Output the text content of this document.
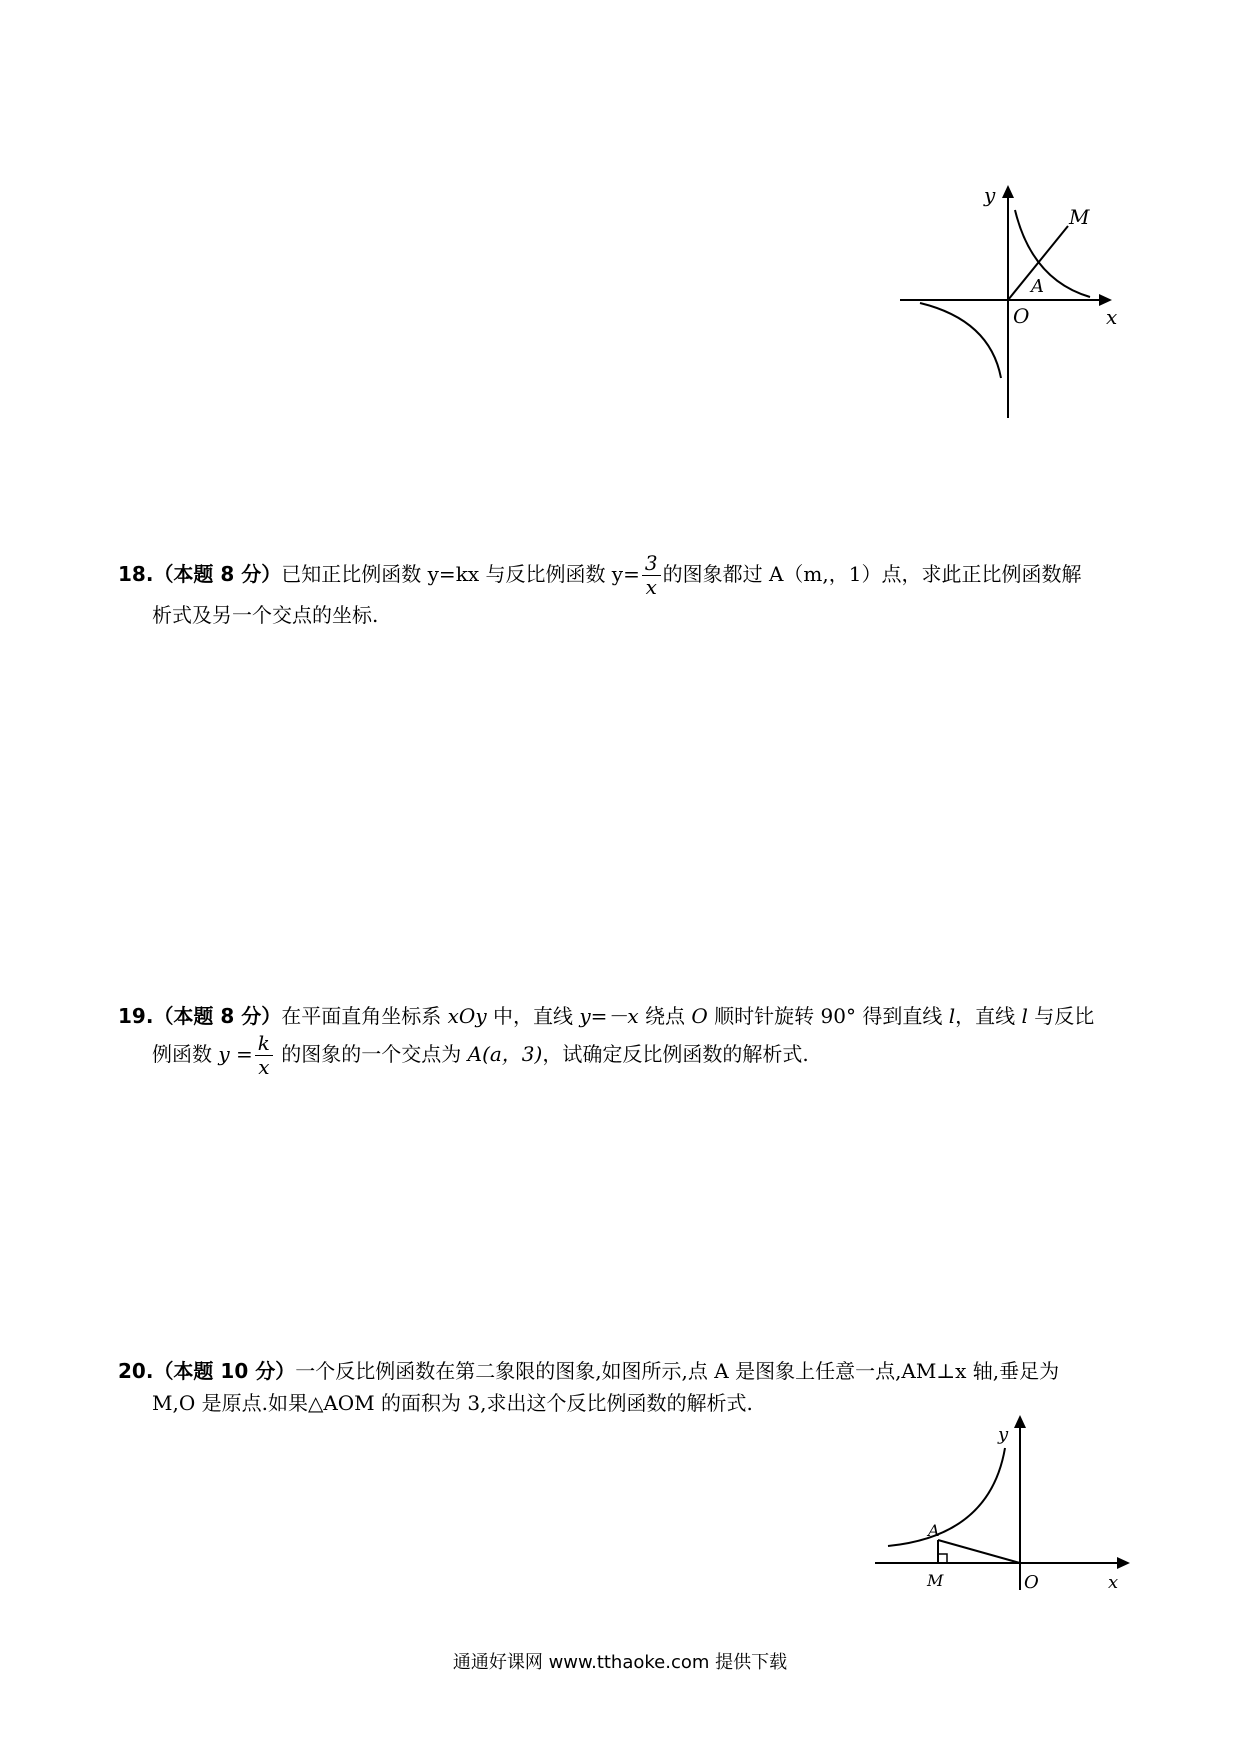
y
x
O
M
A
18.（本题 8 分）已知正比例函数 y=kx 与反比例函数 $y= \frac{3}{x}$ 的图象都过 A（m,，1）点，求此正比例函数解
析式及另一个交点的坐标.
19.（本题 8 分）在平面直角坐标系 xOy 中，直线 y=－x 绕点 O 顺时针旋转 90° 得到直线 l，直线 l 与反比
例函数 $y = \frac{k}{x}$ 的图象的一个交点为 A(a，3)，试确定反比例函数的解析式.
20.（本题 10 分）一个反比例函数在第二象限的图象,如图所示,点 A 是图象上任意一点,AM⊥x 轴,垂足为
M,O 是原点.如果△AOM 的面积为 3,求出这个反比例函数的解析式.
y
x
O
A
M
通通好课网 www.tthaoke.com 提供下载
